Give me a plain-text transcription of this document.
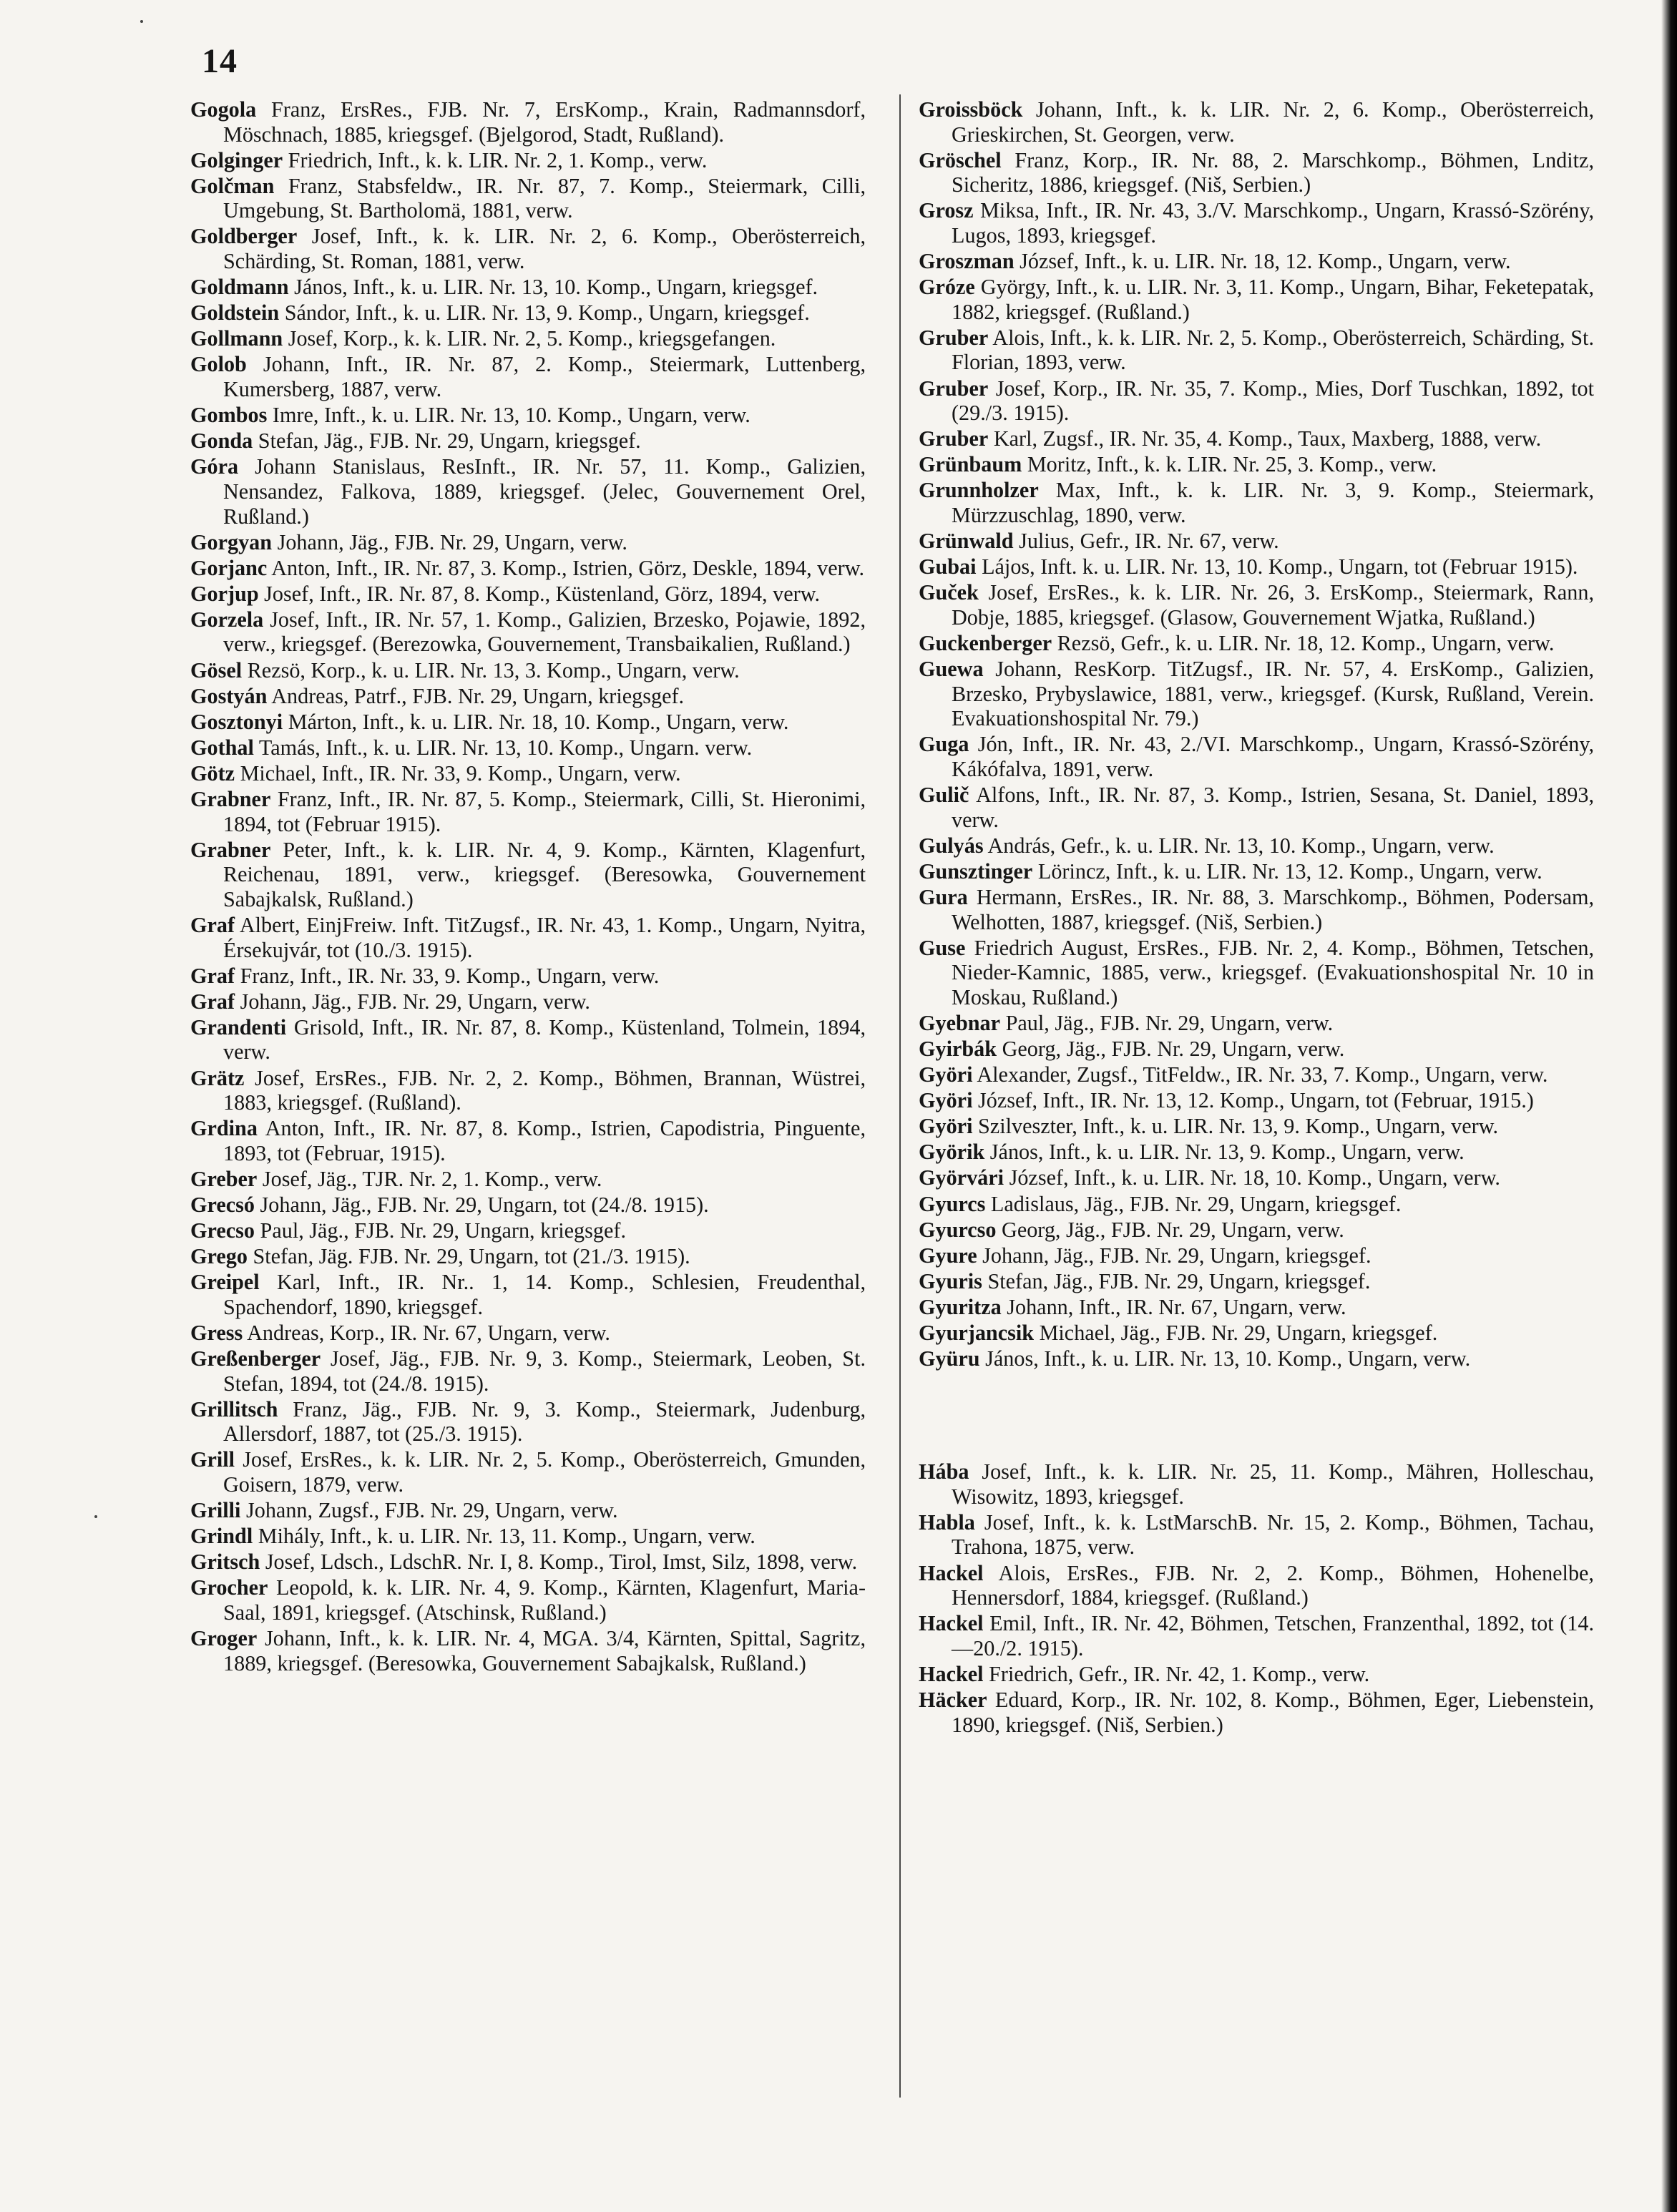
14

Gogola Franz, ErsRes., FJB. Nr. 7, ErsKomp., Krain, Radmannsdorf, Möschnach, 1885, kriegsgef. (Bjelgorod, Stadt, Rußland).

Golginger Friedrich, Inft., k. k. LIR. Nr. 2, 1. Komp., verw.

Golčman Franz, Stabsfeldw., IR. Nr. 87, 7. Komp., Steiermark, Cilli, Umgebung, St. Bartholomä, 1881, verw.

Goldberger Josef, Inft., k. k. LIR. Nr. 2, 6. Komp., Oberösterreich, Schärding, St. Roman, 1881, verw.

Goldmann János, Inft., k. u. LIR. Nr. 13, 10. Komp., Ungarn, kriegsgef.

Goldstein Sándor, Inft., k. u. LIR. Nr. 13, 9. Komp., Ungarn, kriegsgef.

Gollmann Josef, Korp., k. k. LIR. Nr. 2, 5. Komp., kriegsgefangen.

Golob Johann, Inft., IR. Nr. 87, 2. Komp., Steiermark, Luttenberg, Kumersberg, 1887, verw.

Gombos Imre, Inft., k. u. LIR. Nr. 13, 10. Komp., Ungarn, verw.

Gonda Stefan, Jäg., FJB. Nr. 29, Ungarn, kriegsgef.

Góra Johann Stanislaus, ResInft., IR. Nr. 57, 11. Komp., Galizien, Nensandez, Falkova, 1889, kriegsgef. (Jelec, Gouvernement Orel, Rußland.)

Gorgyan Johann, Jäg., FJB. Nr. 29, Ungarn, verw.

Gorjanc Anton, Inft., IR. Nr. 87, 3. Komp., Istrien, Görz, Deskle, 1894, verw.

Gorjup Josef, Inft., IR. Nr. 87, 8. Komp., Küstenland, Görz, 1894, verw.

Gorzela Josef, Inft., IR. Nr. 57, 1. Komp., Galizien, Brzesko, Pojawie, 1892, verw., kriegsgef. (Berezowka, Gouvernement, Transbaikalien, Rußland.)

Gösel Rezsö, Korp., k. u. LIR. Nr. 13, 3. Komp., Ungarn, verw.

Gostyán Andreas, Patrf., FJB. Nr. 29, Ungarn, kriegsgef.

Gosztonyi Márton, Inft., k. u. LIR. Nr. 18, 10. Komp., Ungarn, verw.

Gothal Tamás, Inft., k. u. LIR. Nr. 13, 10. Komp., Ungarn. verw.

Götz Michael, Inft., IR. Nr. 33, 9. Komp., Ungarn, verw.

Grabner Franz, Inft., IR. Nr. 87, 5. Komp., Steiermark, Cilli, St. Hieronimi, 1894, tot (Februar 1915).

Grabner Peter, Inft., k. k. LIR. Nr. 4, 9. Komp., Kärnten, Klagenfurt, Reichenau, 1891, verw., kriegsgef. (Beresowka, Gouvernement Sabajkalsk, Rußland.)

Graf Albert, EinjFreiw. Inft. TitZugsf., IR. Nr. 43, 1. Komp., Ungarn, Nyitra, Érsekujvár, tot (10./3. 1915).

Graf Franz, Inft., IR. Nr. 33, 9. Komp., Ungarn, verw.

Graf Johann, Jäg., FJB. Nr. 29, Ungarn, verw.

Grandenti Grisold, Inft., IR. Nr. 87, 8. Komp., Küstenland, Tolmein, 1894, verw.

Grätz Josef, ErsRes., FJB. Nr. 2, 2. Komp., Böhmen, Brannan, Wüstrei, 1883, kriegsgef. (Rußland).

Grdina Anton, Inft., IR. Nr. 87, 8. Komp., Istrien, Capodistria, Pinguente, 1893, tot (Februar, 1915).

Greber Josef, Jäg., TJR. Nr. 2, 1. Komp., verw.

Grecsó Johann, Jäg., FJB. Nr. 29, Ungarn, tot (24./8. 1915).

Grecso Paul, Jäg., FJB. Nr. 29, Ungarn, kriegsgef.

Grego Stefan, Jäg. FJB. Nr. 29, Ungarn, tot (21./3. 1915).

Greipel Karl, Inft., IR. Nr.. 1, 14. Komp., Schlesien, Freudenthal, Spachendorf, 1890, kriegsgef.

Gress Andreas, Korp., IR. Nr. 67, Ungarn, verw.

Greßenberger Josef, Jäg., FJB. Nr. 9, 3. Komp., Steiermark, Leoben, St. Stefan, 1894, tot (24./8. 1915).

Grillitsch Franz, Jäg., FJB. Nr. 9, 3. Komp., Steiermark, Judenburg, Allersdorf, 1887, tot (25./3. 1915).

Grill Josef, ErsRes., k. k. LIR. Nr. 2, 5. Komp., Oberösterreich, Gmunden, Goisern, 1879, verw.

Grilli Johann, Zugsf., FJB. Nr. 29, Ungarn, verw.

Grindl Mihály, Inft., k. u. LIR. Nr. 13, 11. Komp., Ungarn, verw.

Gritsch Josef, Ldsch., LdschR. Nr. I, 8. Komp., Tirol, Imst, Silz, 1898, verw.

Grocher Leopold, k. k. LIR. Nr. 4, 9. Komp., Kärnten, Klagenfurt, Maria-Saal, 1891, kriegsgef. (Atschinsk, Rußland.)

Groger Johann, Inft., k. k. LIR. Nr. 4, MGA. 3/4, Kärnten, Spittal, Sagritz, 1889, kriegsgef. (Beresowka, Gouvernement Sabajkalsk, Rußland.)

Groissböck Johann, Inft., k. k. LIR. Nr. 2, 6. Komp., Oberösterreich, Grieskirchen, St. Georgen, verw.

Gröschel Franz, Korp., IR. Nr. 88, 2. Marschkomp., Böhmen, Lnditz, Sicheritz, 1886, kriegsgef. (Niš, Serbien.)

Grosz Miksa, Inft., IR. Nr. 43, 3./V. Marschkomp., Ungarn, Krassó-Szörény, Lugos, 1893, kriegsgef.

Groszman József, Inft., k. u. LIR. Nr. 18, 12. Komp., Ungarn, verw.

Gróze György, Inft., k. u. LIR. Nr. 3, 11. Komp., Ungarn, Bihar, Feketepatak, 1882, kriegsgef. (Rußland.)

Gruber Alois, Inft., k. k. LIR. Nr. 2, 5. Komp., Oberösterreich, Schärding, St. Florian, 1893, verw.

Gruber Josef, Korp., IR. Nr. 35, 7. Komp., Mies, Dorf Tuschkan, 1892, tot (29./3. 1915).

Gruber Karl, Zugsf., IR. Nr. 35, 4. Komp., Taux, Maxberg, 1888, verw.

Grünbaum Moritz, Inft., k. k. LIR. Nr. 25, 3. Komp., verw.

Grunnholzer Max, Inft., k. k. LIR. Nr. 3, 9. Komp., Steiermark, Mürzzuschlag, 1890, verw.

Grünwald Julius, Gefr., IR. Nr. 67, verw.

Gubai Lájos, Inft. k. u. LIR. Nr. 13, 10. Komp., Ungarn, tot (Februar 1915).

Guček Josef, ErsRes., k. k. LIR. Nr. 26, 3. ErsKomp., Steiermark, Rann, Dobje, 1885, kriegsgef. (Glasow, Gouvernement Wjatka, Rußland.)

Guckenberger Rezsö, Gefr., k. u. LIR. Nr. 18, 12. Komp., Ungarn, verw.

Guewa Johann, ResKorp. TitZugsf., IR. Nr. 57, 4. ErsKomp., Galizien, Brzesko, Prybyslawice, 1881, verw., kriegsgef. (Kursk, Rußland, Verein. Evakuationshospital Nr. 79.)

Guga Jón, Inft., IR. Nr. 43, 2./VI. Marschkomp., Ungarn, Krassó-Szörény, Kákófalva, 1891, verw.

Gulič Alfons, Inft., IR. Nr. 87, 3. Komp., Istrien, Sesana, St. Daniel, 1893, verw.

Gulyás András, Gefr., k. u. LIR. Nr. 13, 10. Komp., Ungarn, verw.

Gunsztinger Lörincz, Inft., k. u. LIR. Nr. 13, 12. Komp., Ungarn, verw.

Gura Hermann, ErsRes., IR. Nr. 88, 3. Marschkomp., Böhmen, Podersam, Welhotten, 1887, kriegsgef. (Niš, Serbien.)

Guse Friedrich August, ErsRes., FJB. Nr. 2, 4. Komp., Böhmen, Tetschen, Nieder-Kamnic, 1885, verw., kriegsgef. (Evakuationshospital Nr. 10 in Moskau, Rußland.)

Gyebnar Paul, Jäg., FJB. Nr. 29, Ungarn, verw.

Gyirbák Georg, Jäg., FJB. Nr. 29, Ungarn, verw.

Györi Alexander, Zugsf., TitFeldw., IR. Nr. 33, 7. Komp., Ungarn, verw.

Györi József, Inft., IR. Nr. 13, 12. Komp., Ungarn, tot (Februar, 1915.)

Györi Szilveszter, Inft., k. u. LIR. Nr. 13, 9. Komp., Ungarn, verw.

Györik János, Inft., k. u. LIR. Nr. 13, 9. Komp., Ungarn, verw.

Györvári József, Inft., k. u. LIR. Nr. 18, 10. Komp., Ungarn, verw.

Gyurcs Ladislaus, Jäg., FJB. Nr. 29, Ungarn, kriegsgef.

Gyurcso Georg, Jäg., FJB. Nr. 29, Ungarn, verw.

Gyure Johann, Jäg., FJB. Nr. 29, Ungarn, kriegsgef.

Gyuris Stefan, Jäg., FJB. Nr. 29, Ungarn, kriegsgef.

Gyuritza Johann, Inft., IR. Nr. 67, Ungarn, verw.

Gyurjancsik Michael, Jäg., FJB. Nr. 29, Ungarn, kriegsgef.

Gyüru János, Inft., k. u. LIR. Nr. 13, 10. Komp., Ungarn, verw.

Hába Josef, Inft., k. k. LIR. Nr. 25, 11. Komp., Mähren, Holleschau, Wisowitz, 1893, kriegsgef.

Habla Josef, Inft., k. k. LstMarschB. Nr. 15, 2. Komp., Böhmen, Tachau, Trahona, 1875, verw.

Hackel Alois, ErsRes., FJB. Nr. 2, 2. Komp., Böhmen, Hohenelbe, Hennersdorf, 1884, kriegsgef. (Rußland.)

Hackel Emil, Inft., IR. Nr. 42, Böhmen, Tetschen, Franzenthal, 1892, tot (14.—20./2. 1915).

Hackel Friedrich, Gefr., IR. Nr. 42, 1. Komp., verw.

Häcker Eduard, Korp., IR. Nr. 102, 8. Komp., Böhmen, Eger, Liebenstein, 1890, kriegsgef. (Niš, Serbien.)
